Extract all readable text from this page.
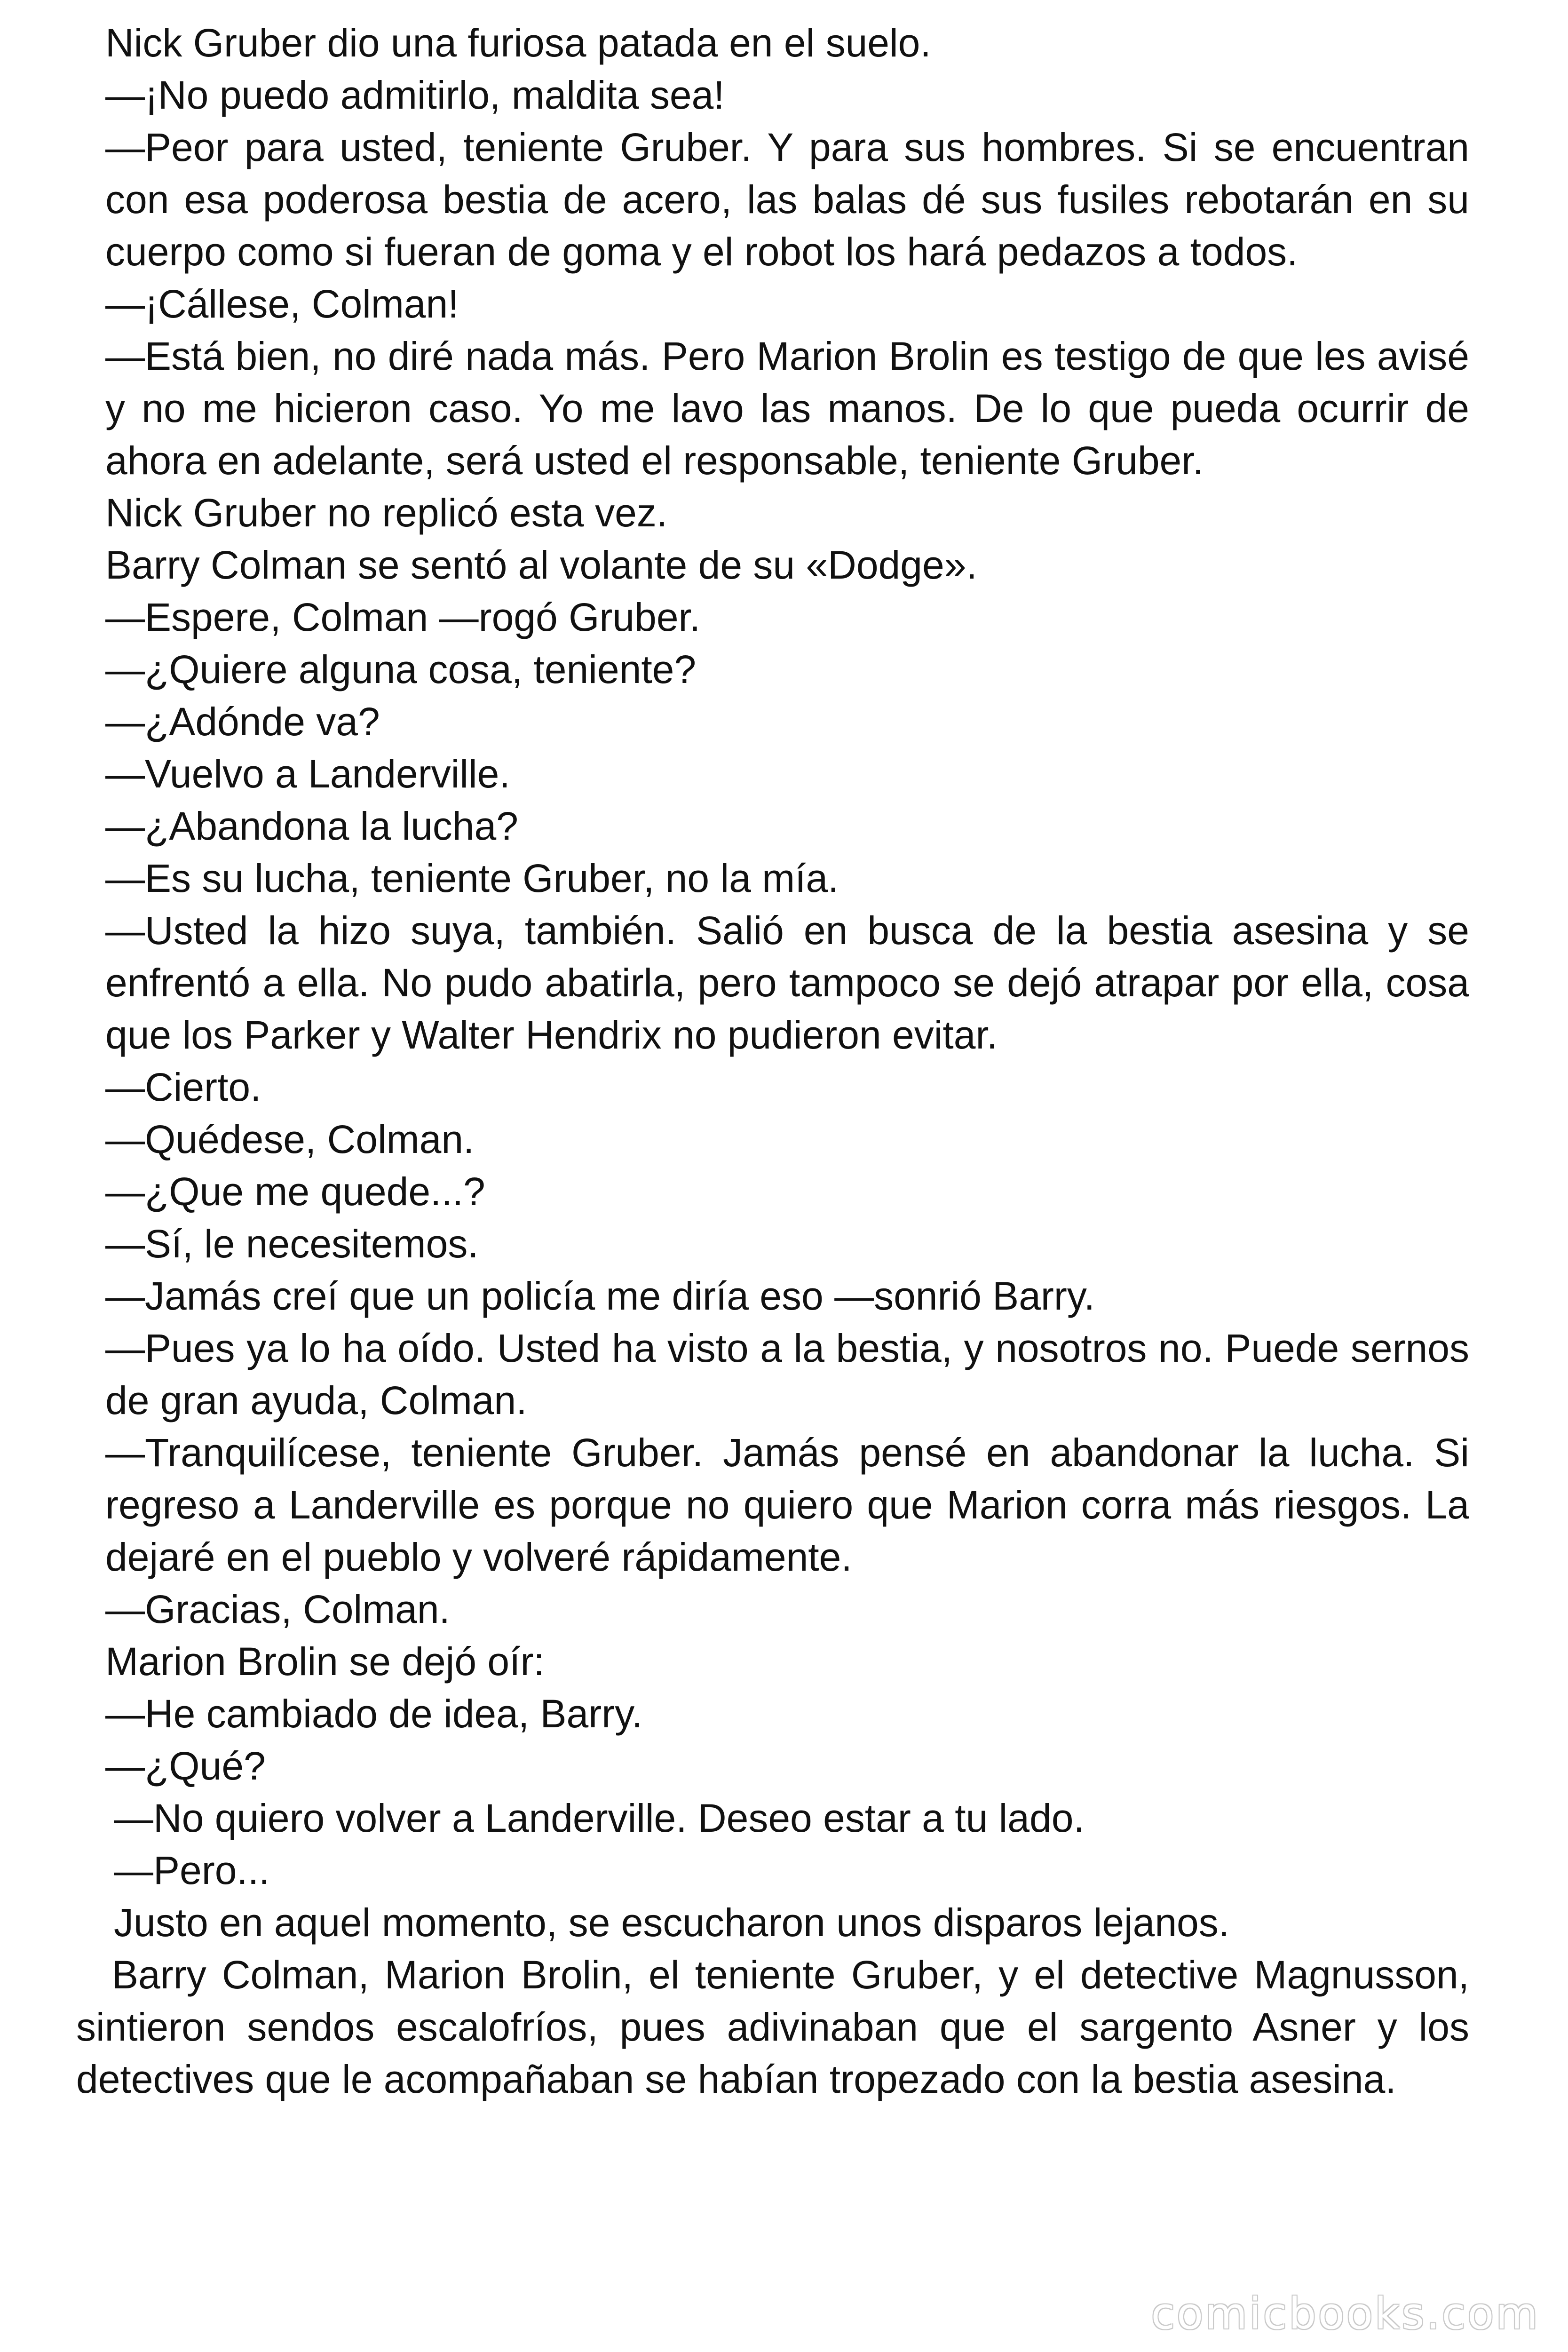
Nick Gruber dio una furiosa patada en el suelo.

—¡No puedo admitirlo, maldita sea!

—Peor para usted, teniente Gruber. Y para sus hombres. Si se encuentran con esa poderosa bestia de acero, las balas dé sus fusiles rebotarán en su cuerpo como si fueran de goma y el robot los hará pedazos a todos.

—¡Cállese, Colman!

—Está bien, no diré nada más. Pero Marion Brolin es testigo de que les avisé y no me hicieron caso. Yo me lavo las manos. De lo que pueda ocurrir de ahora en adelante, será usted el responsable, teniente Gruber.

Nick Gruber no replicó esta vez.

Barry Colman se sentó al volante de su «Dodge».

—Espere, Colman —rogó Gruber.

—¿Quiere alguna cosa, teniente?

—¿Adónde va?

—Vuelvo a Landerville.

—¿Abandona la lucha?

—Es su lucha, teniente Gruber, no la mía.

—Usted la hizo suya, también. Salió en busca de la bestia asesina y se enfrentó a ella. No pudo abatirla, pero tampoco se dejó atrapar por ella, cosa que los Parker y Walter Hendrix no pudieron evitar.

—Cierto.

—Quédese, Colman.

—¿Que me quede...?

—Sí, le necesitemos.

—Jamás creí que un policía me diría eso —sonrió Barry.

—Pues ya lo ha oído. Usted ha visto a la bestia, y nosotros no. Puede sernos de gran ayuda, Colman.

—Tranquilícese, teniente Gruber. Jamás pensé en abandonar la lucha. Si regreso a Landerville es porque no quiero que Marion corra más riesgos. La dejaré en el pueblo y volveré rápidamente.

—Gracias, Colman.

Marion Brolin se dejó oír:

—He cambiado de idea, Barry.

—¿Qué?

—No quiero volver a Landerville. Deseo estar a tu lado.

—Pero...

Justo en aquel momento, se escucharon unos disparos lejanos.

Barry Colman, Marion Brolin, el teniente Gruber, y el detective Magnusson, sintieron sendos escalofríos, pues adivinaban que el sargento Asner y los detectives que le acompañaban se habían tropezado con la bestia asesina.

comicbooks.com
